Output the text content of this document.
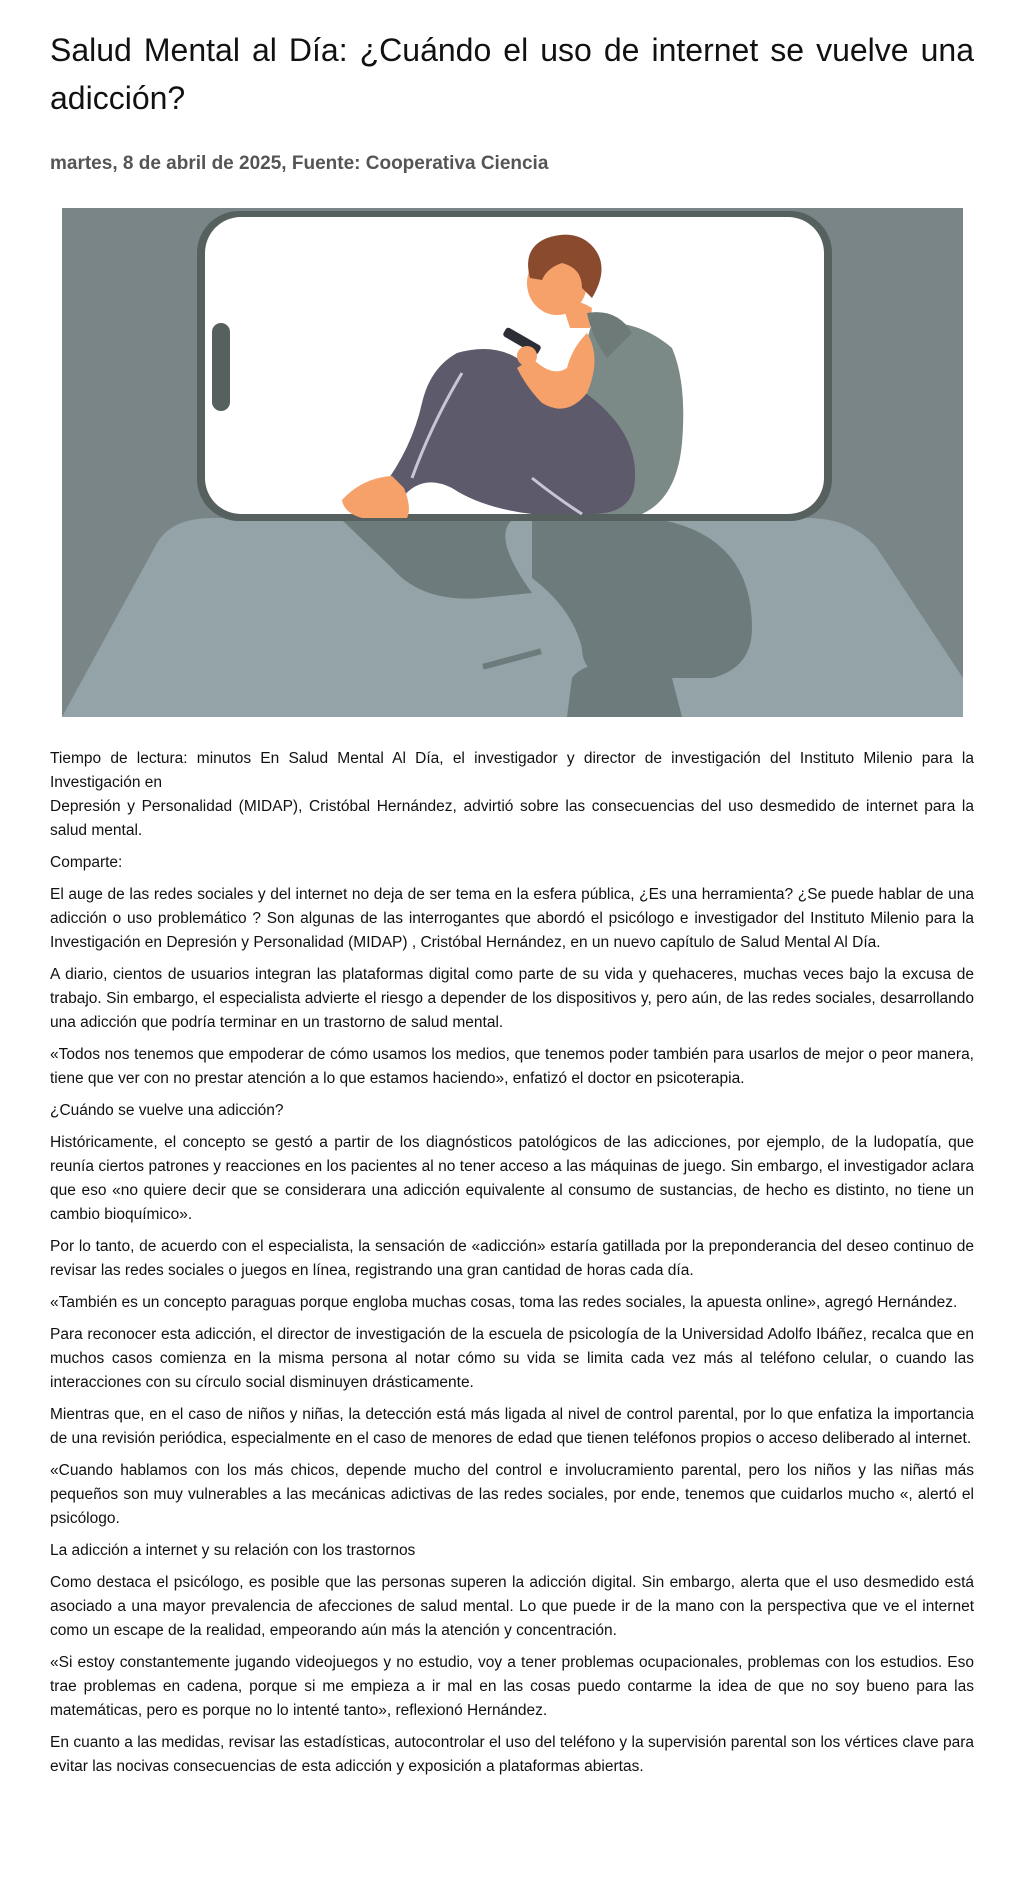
Salud Mental al Día: ¿Cuándo el uso de internet se vuelve una adicción?
martes, 8 de abril de 2025, Fuente: Cooperativa Ciencia

Tiempo de lectura: minutos En Salud Mental Al Día, el investigador y director de investigación del Instituto Milenio para la Investigación en
Depresión y Personalidad (MIDAP), Cristóbal Hernández, advirtió sobre las consecuencias del uso desmedido de internet para la salud mental.

Comparte:

El auge de las redes sociales y del internet no deja de ser tema en la esfera pública, ¿Es una herramienta? ¿Se puede hablar de una adicción o uso problemático ? Son algunas de las interrogantes que abordó el psicólogo e investigador del Instituto Milenio para la Investigación en Depresión y Personalidad (MIDAP) , Cristóbal Hernández, en un nuevo capítulo de Salud Mental Al Día.

A diario, cientos de usuarios integran las plataformas digital como parte de su vida y quehaceres, muchas veces bajo la excusa de trabajo. Sin embargo, el especialista advierte el riesgo a depender de los dispositivos y, pero aún, de las redes sociales, desarrollando una adicción que podría terminar en un trastorno de salud mental.

«Todos nos tenemos que empoderar de cómo usamos los medios, que tenemos poder también para usarlos de mejor o peor manera, tiene que ver con no prestar atención a lo que estamos haciendo», enfatizó el doctor en psicoterapia.

¿Cuándo se vuelve una adicción?

Históricamente, el concepto se gestó a partir de los diagnósticos patológicos de las adicciones, por ejemplo, de la ludopatía, que reunía ciertos patrones y reacciones en los pacientes al no tener acceso a las máquinas de juego. Sin embargo, el investigador aclara que eso «no quiere decir que se considerara una adicción equivalente al consumo de sustancias, de hecho es distinto, no tiene un cambio bioquímico».

Por lo tanto, de acuerdo con el especialista, la sensación de «adicción» estaría gatillada por la preponderancia del deseo continuo de revisar las redes sociales o juegos en línea, registrando una gran cantidad de horas cada día.

«También es un concepto paraguas porque engloba muchas cosas, toma las redes sociales, la apuesta online», agregó Hernández.

Para reconocer esta adicción, el director de investigación de la escuela de psicología de la Universidad Adolfo Ibáñez, recalca que en muchos casos comienza en la misma persona al notar cómo su vida se limita cada vez más al teléfono celular, o cuando las interacciones con su círculo social disminuyen drásticamente.

Mientras que, en el caso de niños y niñas, la detección está más ligada al nivel de control parental, por lo que enfatiza la importancia de una revisión periódica, especialmente en el caso de menores de edad que tienen teléfonos propios o acceso deliberado al internet.

«Cuando hablamos con los más chicos, depende mucho del control e involucramiento parental, pero los niños y las niñas más pequeños son muy vulnerables a las mecánicas adictivas de las redes sociales, por ende, tenemos que cuidarlos mucho «, alertó el psicólogo.

La adicción a internet y su relación con los trastornos

Como destaca el psicólogo, es posible que las personas superen la adicción digital. Sin embargo, alerta que el uso desmedido está asociado a una mayor prevalencia de afecciones de salud mental. Lo que puede ir de la mano con la perspectiva que ve el internet como un escape de la realidad, empeorando aún más la atención y concentración.

«Si estoy constantemente jugando videojuegos y no estudio, voy a tener problemas ocupacionales, problemas con los estudios. Eso trae problemas en cadena, porque si me empieza a ir mal en las cosas puedo contarme la idea de que no soy bueno para las matemáticas, pero es porque no lo intenté tanto», reflexionó Hernández.

En cuanto a las medidas, revisar las estadísticas, autocontrolar el uso del teléfono y la supervisión parental son los vértices clave para evitar las nocivas consecuencias de esta adicción y exposición a plataformas abiertas.
